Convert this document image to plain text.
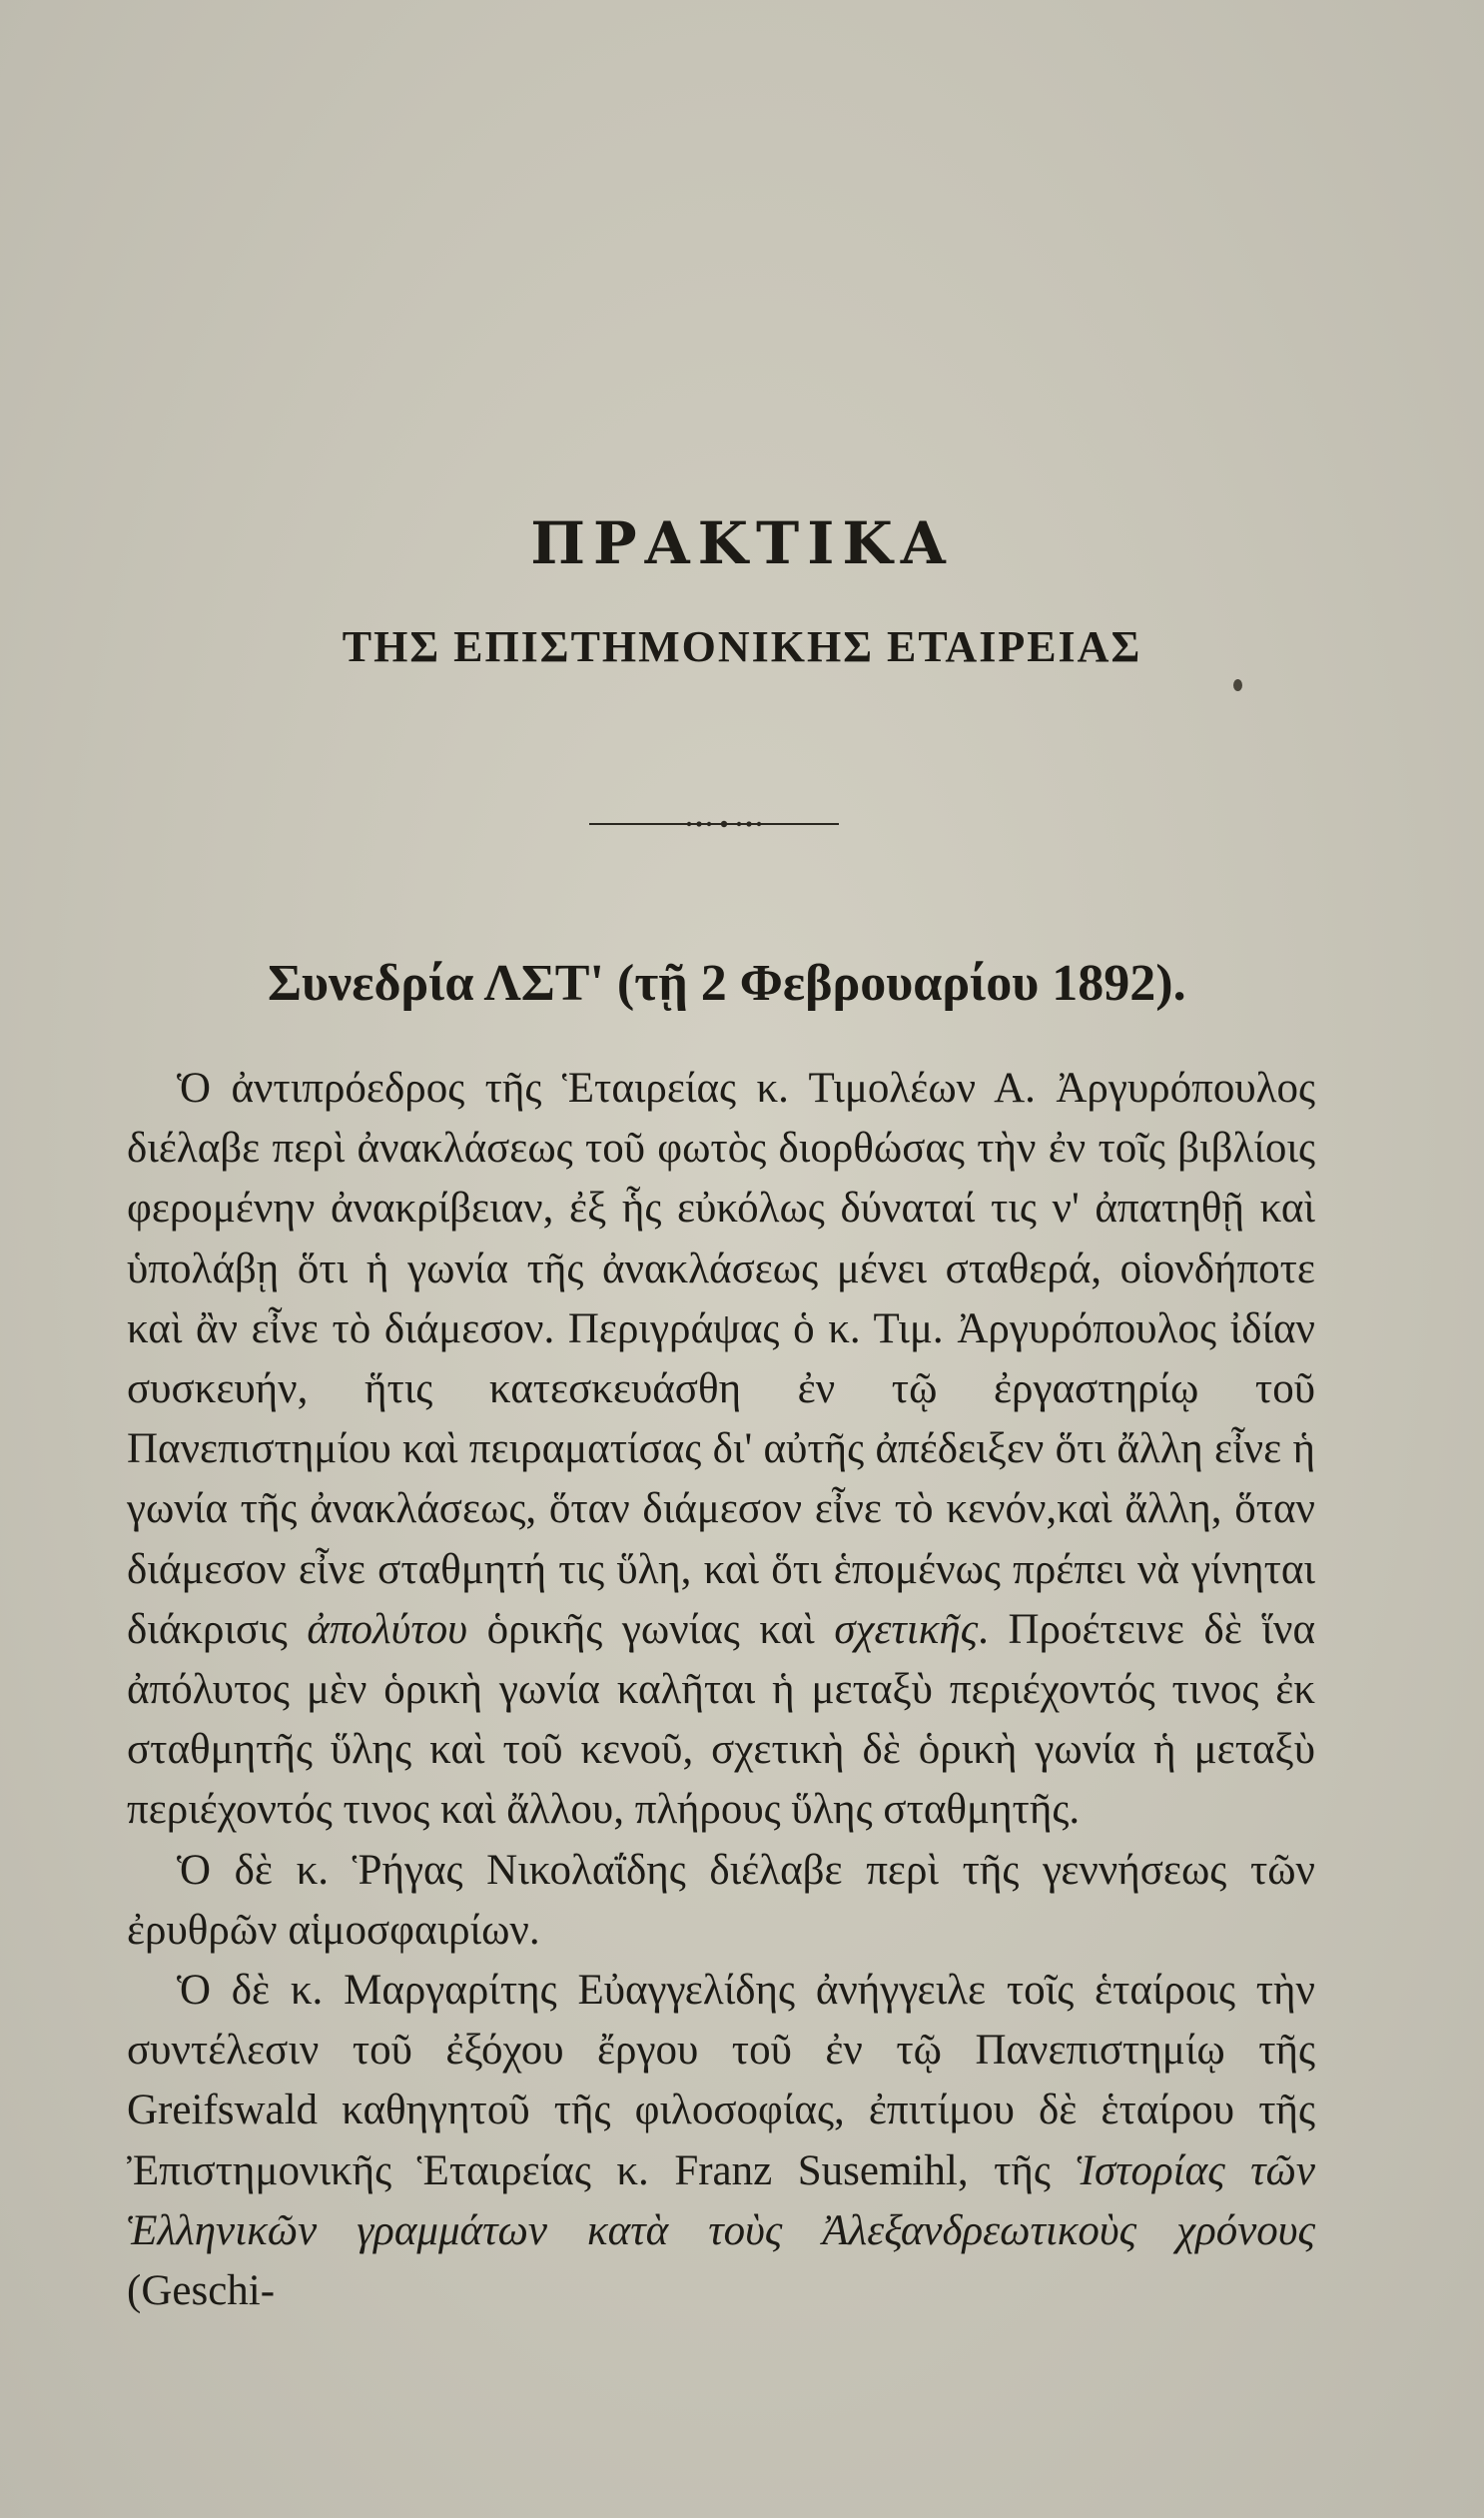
ΠΡΑΚΤΙΚΑ
ΤΗΣ ΕΠΙΣΤΗΜΟΝΙΚΗΣ ΕΤΑΙΡΕΙΑΣ
Συνεδρία ΛΣΤ' (τῇ 2 Φεβρουαρίου 1892).

Ὁ ἀντιπρόεδρος τῆς Ἑταιρείας κ. Τιμολέων Α. Ἀργυρόπουλος διέλαβε περὶ ἀνακλάσεως τοῦ φωτὸς διορθώσας τὴν ἐν τοῖς βιβλίοις φερομένην ἀνακρίβειαν, ἐξ ἧς εὐκόλως δύναταί τις ν' ἀπατηθῇ καὶ ὑπολάβῃ ὅτι ἡ γωνία τῆς ἀνακλάσεως μένει σταθερά, οἱονδήποτε καὶ ἂν εἶνε τὸ διάμεσον. Περιγράψας ὁ κ. Τιμ. Ἀργυρόπουλος ἰδίαν συσκευήν, ἥτις κατεσκευάσθη ἐν τῷ ἐργαστηρίῳ τοῦ Πανεπιστημίου καὶ πειραματίσας δι' αὐτῆς ἀπέδειξεν ὅτι ἄλλη εἶνε ἡ γωνία τῆς ἀνακλάσεως, ὅταν διάμεσον εἶνε τὸ κενόν,καὶ ἄλλη, ὅταν διάμεσον εἶνε σταθμητή τις ὕλη, καὶ ὅτι ἑπομένως πρέπει νὰ γίνηται διάκρισις ἀπολύτου ὁρικῆς γωνίας καὶ σχετικῆς. Προέτεινε δὲ ἵνα ἀπόλυτος μὲν ὁρικὴ γωνία καλῆται ἡ μεταξὺ περιέχοντός τινος ἐκ σταθμητῆς ὕλης καὶ τοῦ κενοῦ, σχετικὴ δὲ ὁρικὴ γωνία ἡ μεταξὺ περιέχοντός τινος καὶ ἄλλου, πλήρους ὕλης σταθμητῆς.

Ὁ δὲ κ. Ῥήγας Νικολαΐδης διέλαβε περὶ τῆς γεννήσεως τῶν ἐρυθρῶν αἱμοσφαιρίων.

Ὁ δὲ κ. Μαργαρίτης Εὐαγγελίδης ἀνήγγειλε τοῖς ἑταίροις τὴν συντέλεσιν τοῦ ἐξόχου ἔργου τοῦ ἐν τῷ Πανεπιστημίῳ τῆς Greifswald καθηγητοῦ τῆς φιλοσοφίας, ἐπιτίμου δὲ ἑταίρου τῆς Ἐπιστημονικῆς Ἑταιρείας κ. Franz Susemihl, τῆς Ἱστορίας τῶν Ἑλληνικῶν γραμμάτων κατὰ τοὺς Ἀλεξανδρεωτικοὺς χρόνους (Geschi-
